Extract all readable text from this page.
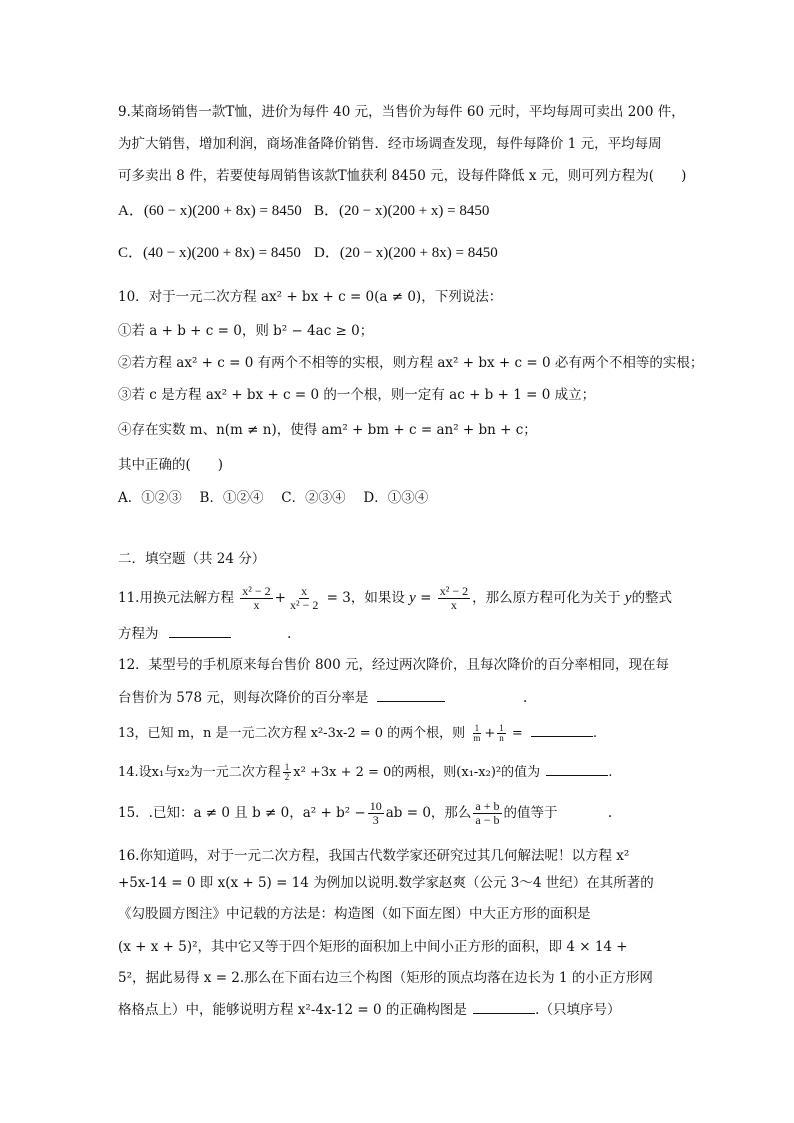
9.某商场销售一款T恤，进价为每件 40 元，当售价为每件 60 元时，平均每周可卖出 200 件，
为扩大销售，增加利润，商场准备降价销售．经市场调查发现，每件每降价 1 元，平均每周
可多卖出 8 件，若要使每周销售该款T恤获利 8450 元，设每件降低 x 元，则可列方程为(　　)
A．(60 − x)(200 + 8x) = 8450 B．(20 − x)(200 + x) = 8450
C．(40 − x)(200 + 8x) = 8450 D．(20 − x)(200 + 8x) = 8450
10．对于一元二次方程 ax² + bx + c = 0(a ≠ 0)，下列说法：
①若 a + b + c = 0，则 b² − 4ac ≥ 0；
②若方程 ax² + c = 0 有两个不相等的实根，则方程 ax² + bx + c = 0 必有两个不相等的实根；
③若 c 是方程 ax² + bx + c = 0 的一个根，则一定有 ac + b + 1 = 0 成立；
④存在实数 m、n(m ≠ n)，使得 am² + bm + c = an² + bn + c；
其中正确的(　　)
A．①②③　 B．①②④　 C．②③④　 D．①③④
二．填空题（共 24 分）
11.用换元法解方程 $\frac{\text{x² − 2}}{x} + \frac{x}{\text{x² − 2}} = 3$，如果设 $y = \frac{\text{x² − 2}}{x}$ ，那么原方程可化为关于 y的整式
方程为	.
12．某型号的手机原来每台售价 800 元，经过两次降价，且每次降价的百分率相同，现在每
台售价为 578 元，则每次降价的百分率是	.
13，已知 m，n 是一元二次方程 x²-3x-2 = 0 的两个根，则 $\frac{1}{m} + \frac{1}{n}$ =	.
14.设x₁与x₂为一元二次方程 $\frac{1}{2} x^2 +3x + 2 = 0$的两根，则(x₁-x₂)²的值为	.
15．.已知：a ≠ 0 且 b ≠ 0，$a^2 + b^2 - \frac{10}{3}$ ab = 0，那么 $\frac{a + b}{a - b}$ 的值等于	.
16.你知道吗，对于一元二次方程，我国古代数学家还研究过其几何解法呢！以方程 x²
+5x-14 = 0 即 x(x + 5) = 14 为例加以说明.数学家赵爽（公元 3～4 世纪）在其所著的
《勾股圆方图注》中记载的方法是：构造图（如下面左图）中大正方形的面积是
(x + x + 5)²，其中它又等于四个矩形的面积加上中间小正方形的面积，即 4 × 14 +
5²，据此易得 x = 2.那么在下面右边三个构图（矩形的顶点均落在边长为 1 的小正方形网
格格点上）中，能够说明方程 x²-4x-12 = 0 的正确构图是	.（只填序号）
